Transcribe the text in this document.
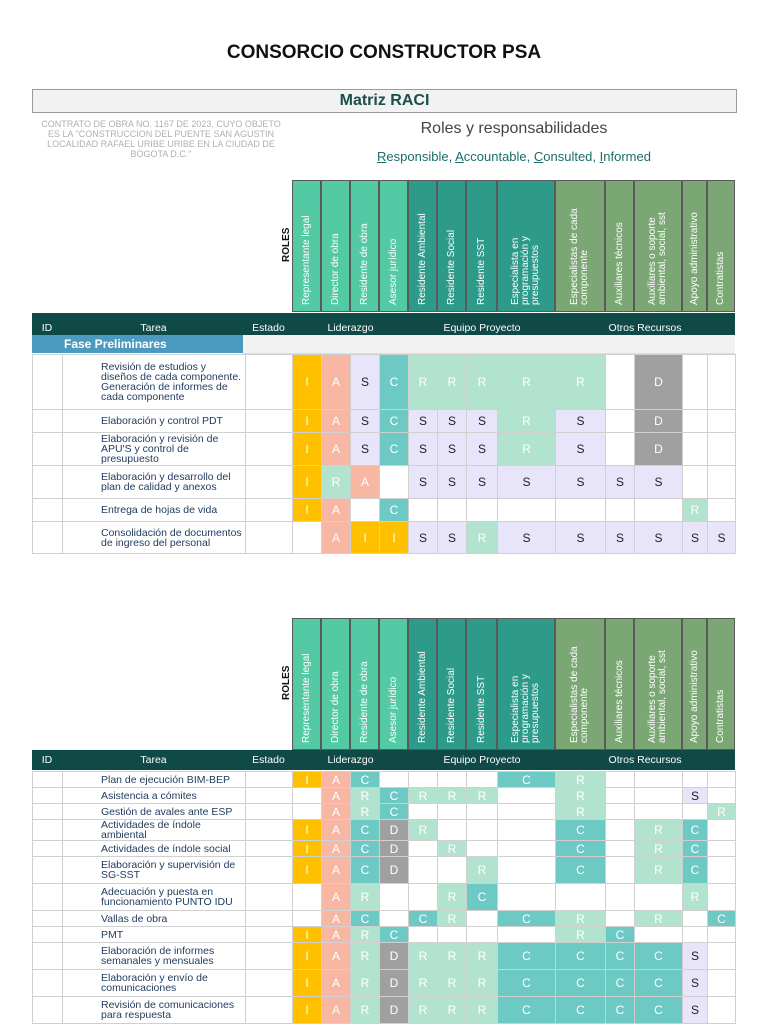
CONSORCIO CONSTRUCTOR PSA
Matriz RACI
CONTRATO DE OBRA NO. 1167 DE 2023, CUYO OBJETO ES LA "CONSTRUCCION DEL PUENTE SAN AGUSTIN LOCALIDAD RAFAEL URIBE URIBE EN LA CIUDAD DE BOGOTA D.C."
Roles y responsabilidades
Responsible, Accountable, Consulted, Informed
Representante legal Director de obra Residente de obra Asesor jurídico Residente Ambiental Residente Social Residente SST Especialista en programación y presupuestos	Especialistas de cada componente Auxiliares técnicos Auxiliares o soporte ambiental, social, sst Apoyo administrativo Contratistas
ROLES
ID	Tarea	Estado	Liderazgo	Equipo Proyecto	Otros Recursos
Fase Preliminares
	Revisión de estudios y diseños de cada componente. Generación de informes de cada componente		I	A	S	C	R	R	R	R	R		D		
	Elaboración y control PDT		I	A	S	C	S	S	S	R	S		D		
	Elaboración y revisión de APU'S y control de presupuesto		I	A	S	C	S	S	S	R	S		D		
	Elaboración y desarrollo del plan de calidad y anexos		I	R	A		S	S	S	S	S	S	S		
	Entrega de hojas de vida		I	A		C								R	
	Consolidación de documentos de ingreso del personal			A	I	I	S	S	R	S	S	S	S	S	S
Representante legal Director de obra Residente de obra Asesor jurídico Residente Ambiental Residente Social Residente SST Especialista en programación y presupuestos	Especialistas de cada componente Auxiliares técnicos Auxiliares o soporte ambiental, social, sst Apoyo administrativo Contratistas
ROLES
ID	Tarea	Estado	Liderazgo	Equipo Proyecto	Otros Recursos
	Plan de ejecución BIM-BEP		I	A	C					C	R				
	Asistencia a cómites			A	R	C	R	R	R		R			S	
	Gestión de avales ante ESP			A	R	C					R				R
	Actividades de índole ambiental		I	A	C	D	R				C		R	C	
	Actividades de índole social		I	A	C	D		R			C		R	C	
	Elaboración y supervisión de SG-SST		I	A	C	D			R		C		R	C	
	Adecuación y puesta en funcionamiento PUNTO IDU			A	R			R	C					R	
	Vallas de obra			A	C		C	R		C	R		R		C
	PMT		I	A	R	C					R	C			
	Elaboración de informes semanales y mensuales		I	A	R	D	R	R	R	C	C	C	C	S	
	Elaboración y envío de comunicaciones		I	A	R	D	R	R	R	C	C	C	C	S	
	Revisión de comunicaciones para respuesta		I	A	R	D	R	R	R	C	C	C	C	S	
